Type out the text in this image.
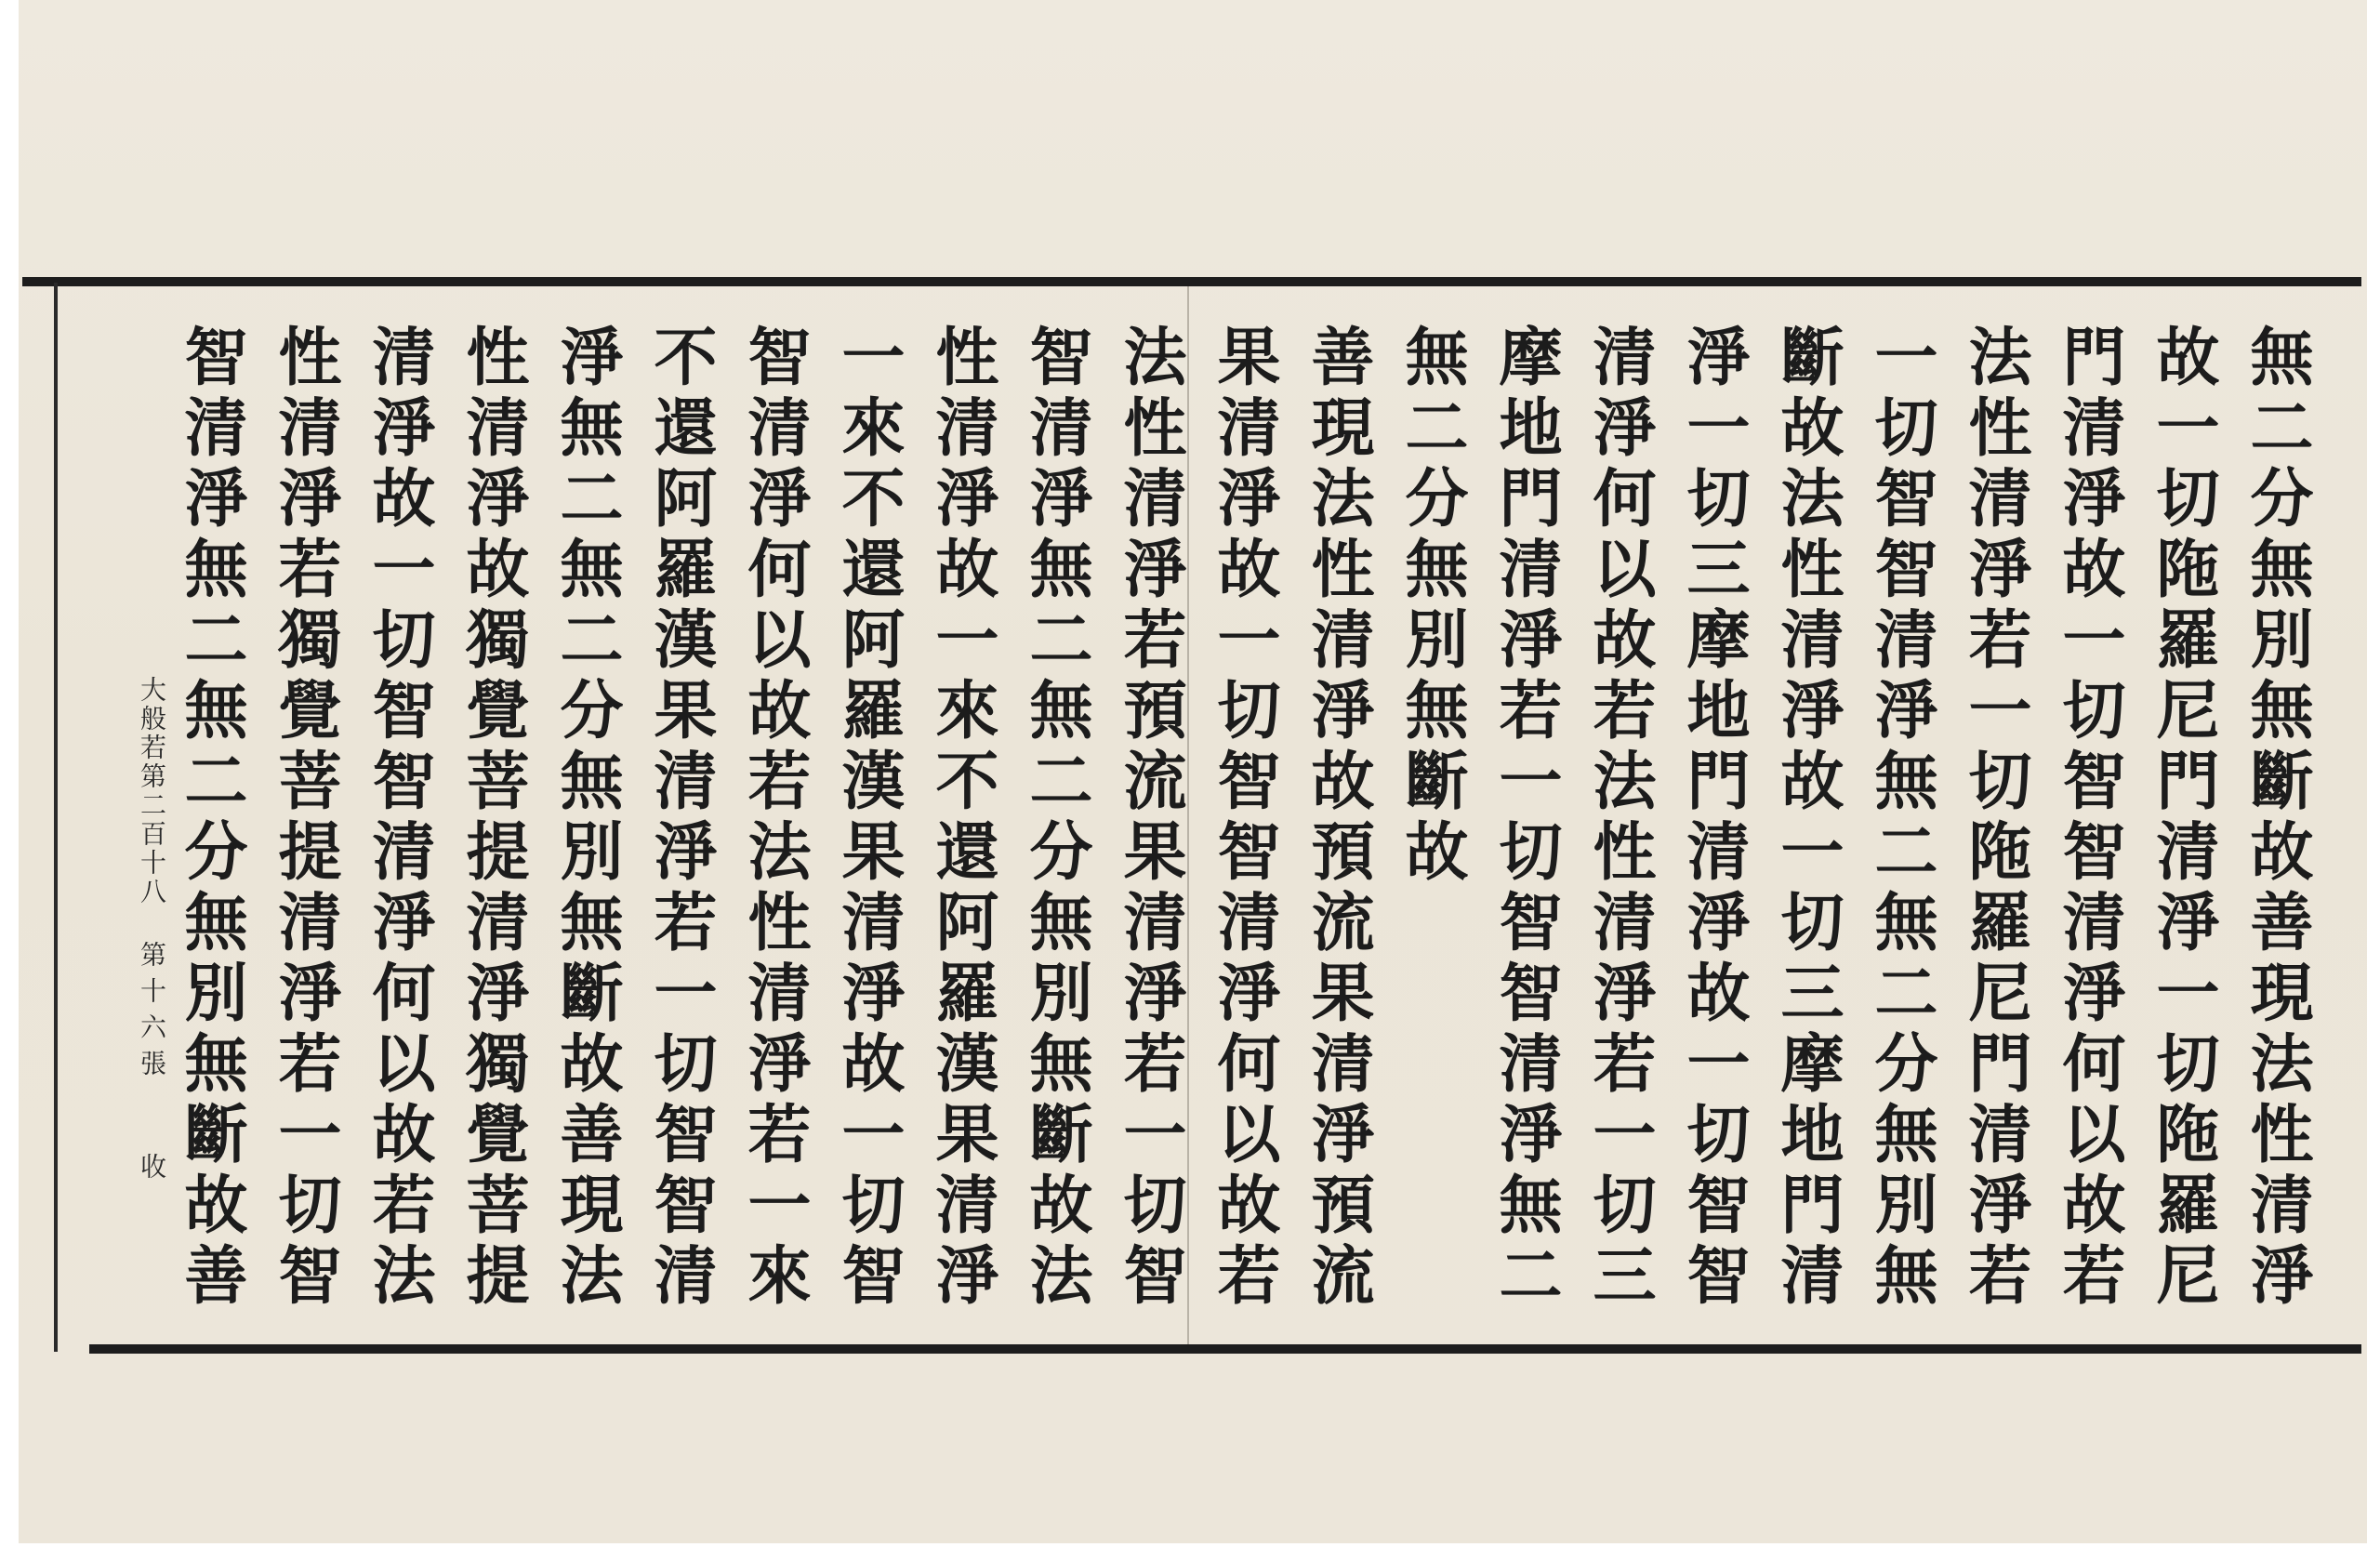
無二分無別無斷故善現法性清淨
故一切陁羅尼門清淨一切陁羅尼
門清淨故一切智智清淨何以故若
法性清淨若一切陁羅尼門清淨若
一切智智清淨無二無二分無別無
斷故法性清淨故一切三摩地門清
淨一切三摩地門清淨故一切智智
清淨何以故若法性清淨若一切三
摩地門清淨若一切智智清淨無二
無二分無別無斷故
善現法性清淨故預流果清淨預流
果清淨故一切智智清淨何以故若
法性清淨若預流果清淨若一切智
智清淨無二無二分無別無斷故法
性清淨故一來不還阿羅漢果清淨
一來不還阿羅漢果清淨故一切智
智清淨何以故若法性清淨若一來
不還阿羅漢果清淨若一切智智清
淨無二無二分無別無斷故善現法
性清淨故獨覺菩提清淨獨覺菩提
清淨故一切智智清淨何以故若法
性清淨若獨覺菩提清淨若一切智
智清淨無二無二分無別無斷故善
大般若第二百十八
第十六張
收
